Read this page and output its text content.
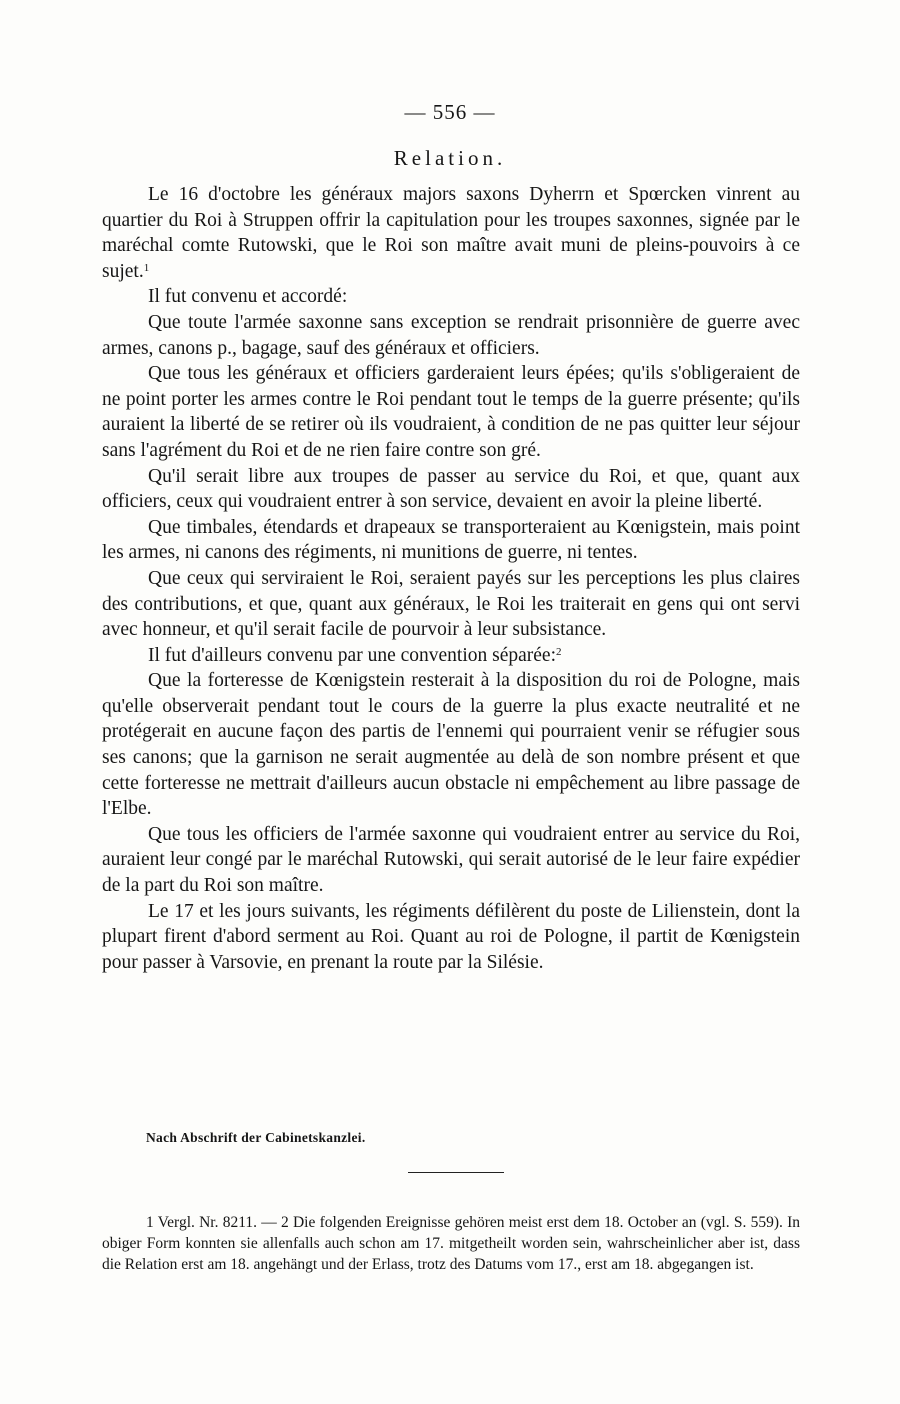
— 556 —
Relation.

Le 16 d'octobre les généraux majors saxons Dyherrn et Spœrcken vinrent au quartier du Roi à Struppen offrir la capitulation pour les troupes saxonnes, signée par le maréchal comte Rutowski, que le Roi son maître avait muni de pleins-pouvoirs à ce sujet.$^1$

Il fut convenu et accordé:

Que toute l'armée saxonne sans exception se rendrait prisonnière de guerre avec armes, canons p., bagage, sauf des généraux et officiers.

Que tous les généraux et officiers garderaient leurs épées; qu'ils s'obligeraient de ne point porter les armes contre le Roi pendant tout le temps de la guerre présente; qu'ils auraient la liberté de se retirer où ils voudraient, à condition de ne pas quitter leur séjour sans l'agrément du Roi et de ne rien faire contre son gré.

Qu'il serait libre aux troupes de passer au service du Roi, et que, quant aux officiers, ceux qui voudraient entrer à son service, devaient en avoir la pleine liberté.

Que timbales, étendards et drapeaux se transporteraient au Kœnigstein, mais point les armes, ni canons des régiments, ni munitions de guerre, ni tentes.

Que ceux qui serviraient le Roi, seraient payés sur les perceptions les plus claires des contributions, et que, quant aux généraux, le Roi les traiterait en gens qui ont servi avec honneur, et qu'il serait facile de pourvoir à leur subsistance.

Il fut d'ailleurs convenu par une convention séparée:$^2$

Que la forteresse de Kœnigstein resterait à la disposition du roi de Pologne, mais qu'elle observerait pendant tout le cours de la guerre la plus exacte neutralité et ne protégerait en aucune façon des partis de l'ennemi qui pourraient venir se réfugier sous ses canons; que la garnison ne serait augmentée au delà de son nombre présent et que cette forteresse ne mettrait d'ailleurs aucun obstacle ni empêchement au libre passage de l'Elbe.

Que tous les officiers de l'armée saxonne qui voudraient entrer au service du Roi, auraient leur congé par le maréchal Rutowski, qui serait autorisé de le leur faire expédier de la part du Roi son maître.

Le 17 et les jours suivants, les régiments défilèrent du poste de Lilienstein, dont la plupart firent d'abord serment au Roi. Quant au roi de Pologne, il partit de Kœnigstein pour passer à Varsovie, en prenant la route par la Silésie.

Nach Abschrift der Cabinetskanzlei.

1 Vergl. Nr. 8211. — 2 Die folgenden Ereignisse gehören meist erst dem 18. October an (vgl. S. 559). In obiger Form konnten sie allenfalls auch schon am 17. mitgetheilt worden sein, wahrscheinlicher aber ist, dass die Relation erst am 18. angehängt und der Erlass, trotz des Datums vom 17., erst am 18. abgegangen ist.
